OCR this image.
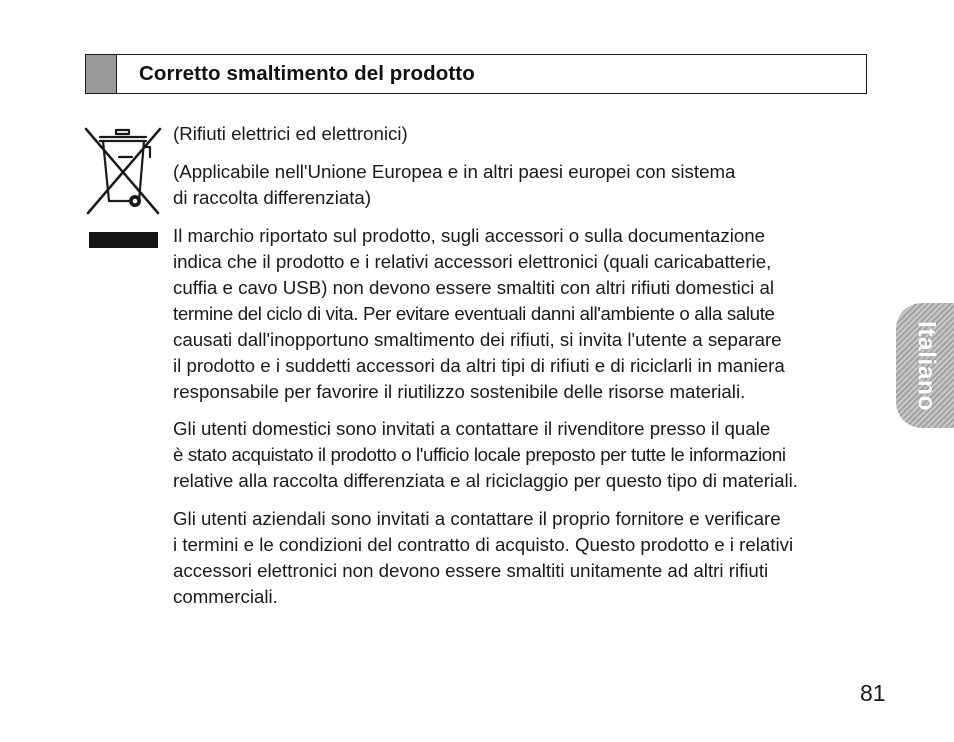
Corretto smaltimento del prodotto
(Rifiuti elettrici ed elettronici)
(Applicabile nell'Unione Europea e in altri paesi europei con sistema
di raccolta differenziata)
Il marchio riportato sul prodotto, sugli accessori o sulla documentazione
indica che il prodotto e i relativi accessori elettronici (quali caricabatterie,
cuffia e cavo USB) non devono essere smaltiti con altri rifiuti domestici al
termine del ciclo di vita. Per evitare eventuali danni all'ambiente o alla salute
causati dall'inopportuno smaltimento dei rifiuti, si invita l'utente a separare
il prodotto e i suddetti accessori da altri tipi di rifiuti e di riciclarli in maniera
responsabile per favorire il riutilizzo sostenibile delle risorse materiali.
Gli utenti domestici sono invitati a contattare il rivenditore presso il quale
è stato acquistato il prodotto o l'ufficio locale preposto per tutte le informazioni
relative alla raccolta differenziata e al riciclaggio per questo tipo di materiali.
Gli utenti aziendali sono invitati a contattare il proprio fornitore e verificare
i termini e le condizioni del contratto di acquisto. Questo prodotto e i relativi
accessori elettronici non devono essere smaltiti unitamente ad altri rifiuti
commerciali.
Italiano
81
